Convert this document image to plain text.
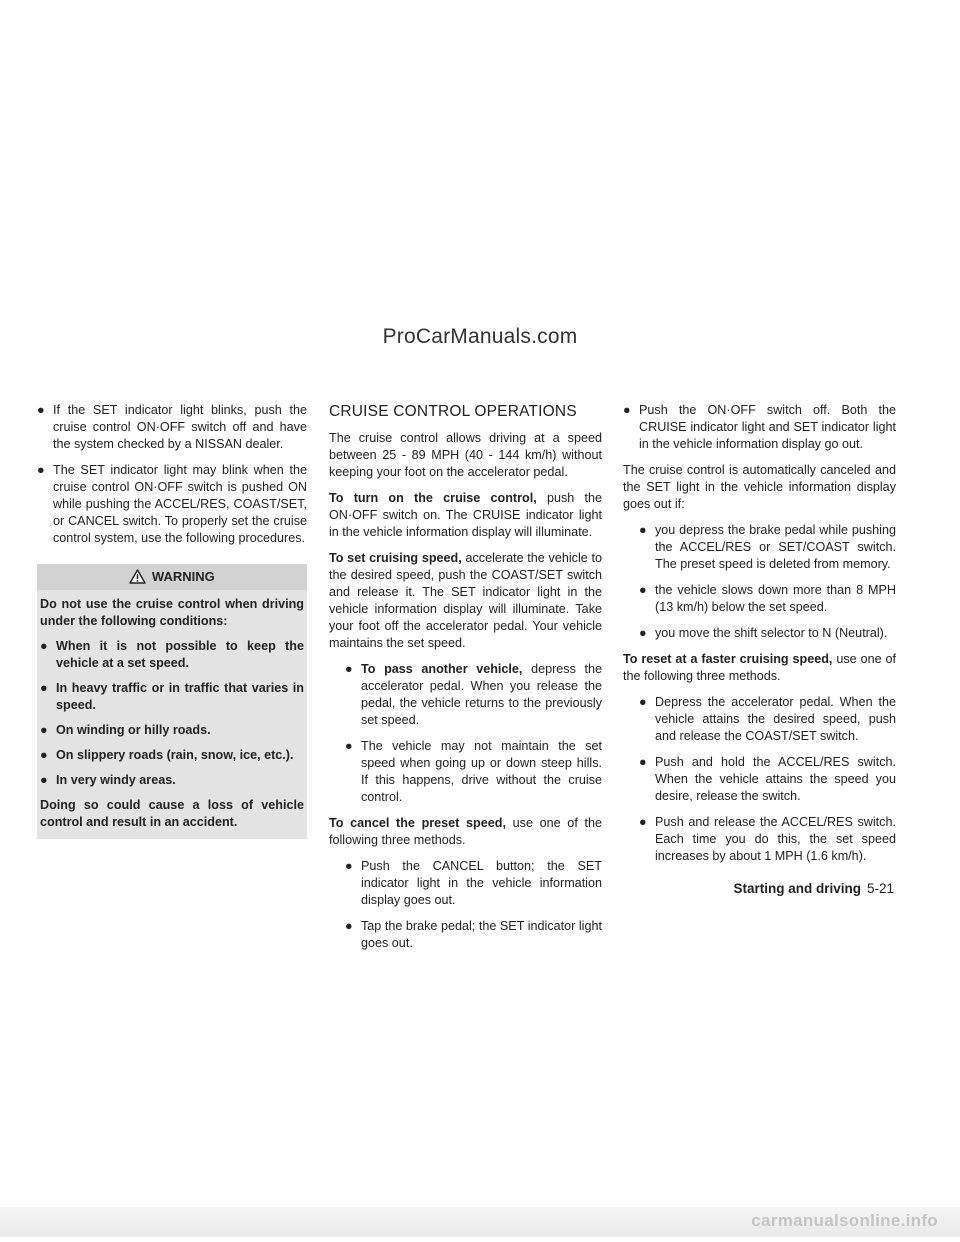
ProCarManuals.com
● If the SET indicator light blinks, push the cruise control ON·OFF switch off and have the system checked by a NISSAN dealer.
● The SET indicator light may blink when the cruise control ON·OFF switch is pushed ON while pushing the ACCEL/RES, COAST/SET, or CANCEL switch. To properly set the cruise control system, use the following procedures.
WARNING

Do not use the cruise control when driving under the following conditions:

● When it is not possible to keep the vehicle at a set speed.
● In heavy traffic or in traffic that varies in speed.
● On winding or hilly roads.
● On slippery roads (rain, snow, ice, etc.).
● In very windy areas.

Doing so could cause a loss of vehicle control and result in an accident.

CRUISE CONTROL OPERATIONS

The cruise control allows driving at a speed between 25 - 89 MPH (40 - 144 km/h) without keeping your foot on the accelerator pedal.

To turn on the cruise control, push the ON·OFF switch on. The CRUISE indicator light in the vehicle information display will illuminate.

To set cruising speed, accelerate the vehicle to the desired speed, push the COAST/SET switch and release it. The SET indicator light in the vehicle information display will illuminate. Take your foot off the accelerator pedal. Your vehicle maintains the set speed.

● To pass another vehicle, depress the accelerator pedal. When you release the pedal, the vehicle returns to the previously set speed.
● The vehicle may not maintain the set speed when going up or down steep hills. If this happens, drive without the cruise control.

To cancel the preset speed, use one of the following three methods.

● Push the CANCEL button; the SET indicator light in the vehicle information display goes out.
● Tap the brake pedal; the SET indicator light goes out.
● Push the ON·OFF switch off. Both the CRUISE indicator light and SET indicator light in the vehicle information display go out.

The cruise control is automatically canceled and the SET light in the vehicle information display goes out if:

● you depress the brake pedal while pushing the ACCEL/RES or SET/COAST switch. The preset speed is deleted from memory.
● the vehicle slows down more than 8 MPH (13 km/h) below the set speed.
● you move the shift selector to N (Neutral).

To reset at a faster cruising speed, use one of the following three methods.

● Depress the accelerator pedal. When the vehicle attains the desired speed, push and release the COAST/SET switch.
● Push and hold the ACCEL/RES switch. When the vehicle attains the speed you desire, release the switch.
● Push and release the ACCEL/RES switch. Each time you do this, the set speed increases by about 1 MPH (1.6 km/h).
Starting and driving 5-21
carmanualsonline.info
